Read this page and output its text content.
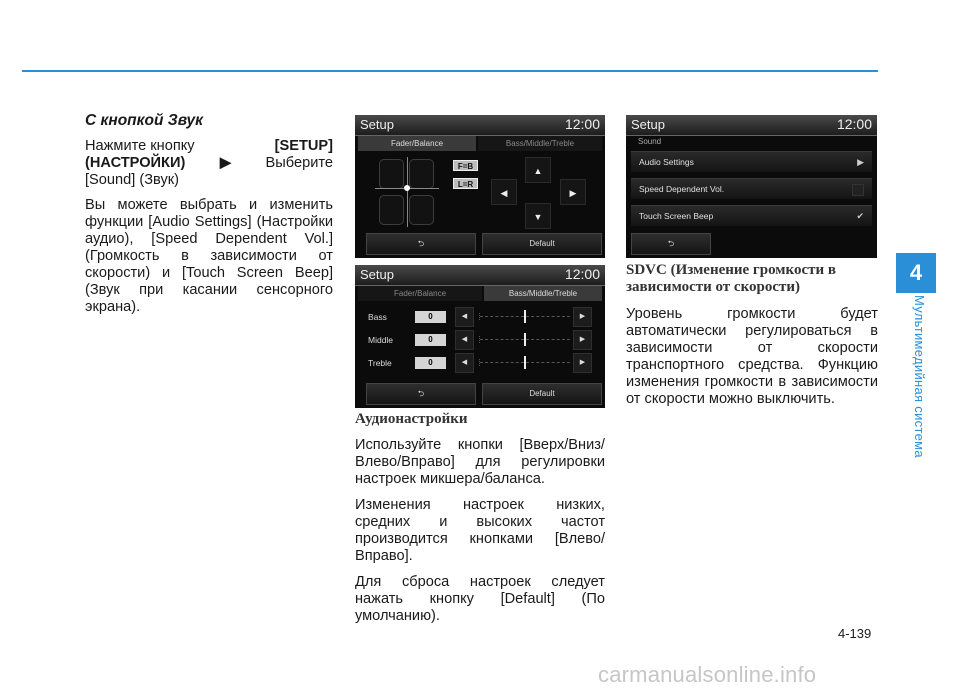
4
Мультимедийная система

С кнопкой Звук

Нажмите кнопку	[SETUP]
(НАСТРОЙКИ) ▶ Выберите
[Sound] (Звук)

Вы можете выбрать и изменить функции [Audio Settings] (Настройки аудио), [Speed Dependent Vol.] (Громкость в зависимости от скорости) и [Touch Screen Beep] (Звук при касании сенсорного экрана).

Setup	12:00
Fader/Balance	Bass/Middle/Treble
F=B
L=R
▲
▼
◀	▶
⮌	Default
Setup	12:00
Fader/Balance	Bass/Middle/Treble
Bass	0	◀	▶
Middle	0	◀	▶
Treble	0	◀	▶
⮌	Default

Аудионастройки

Используйте кнопки [Вверх/Вниз/Влево/Вправо] для регулировки настроек микшера/баланса.

Изменения настроек низких, средних и высоких частот производится кнопками [Влево/Вправо].

Для сброса настроек следует нажать кнопку [Default] (По умолчанию).

Setup	12:00
Sound
Audio Settings	▶
Speed Dependent Vol.
Touch Screen Beep	✔
⮌
SDVC (Изменение громкости в
зависимости от скорости)

Уровень громкости будет автоматически регулироваться в зависимости от скорости транспортного средства. Функцию изменения громкости в зависимости от скорости можно выключить.

4-139
carmanualsonline.info
